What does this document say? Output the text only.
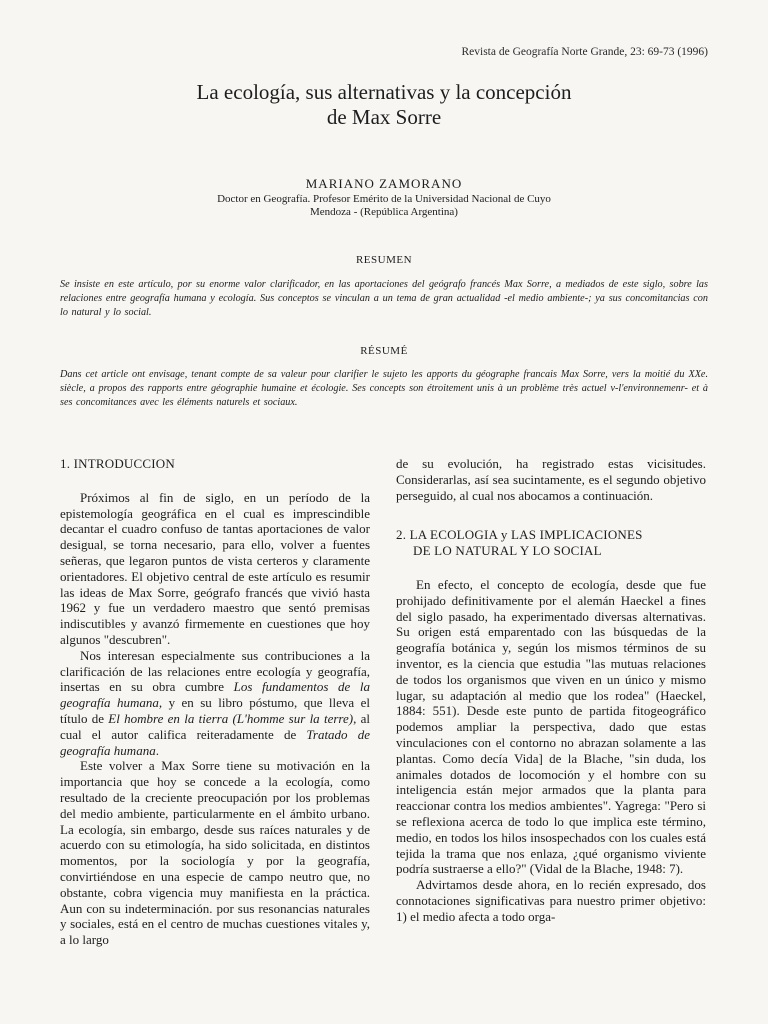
Revista de Geografía Norte Grande, 23: 69-73 (1996)
La ecología, sus alternativas y la concepción
de Max Sorre
MARIANO ZAMORANO
Doctor en Geografía. Profesor Emérito de la Universidad Nacional de Cuyo
Mendoza - (República Argentina)
RESUMEN
Se insiste en este artículo, por su enorme valor clarificador, en las aportaciones del geógrafo francés Max Sorre, a mediados de este siglo, sobre las relaciones entre geografía humana y ecología. Sus conceptos se vinculan a un tema de gran actualidad -el medio ambiente-; ya sus concomitancias con lo natural y lo social.
RÉSUMÉ
Dans cet article ont envisage, tenant compte de sa valeur pour clarifier le sujeto les apports du géographe francais Max Sorre, vers la moitié du XXe. siècle, a propos des rapports entre géographie humaine et écologie. Ses concepts son étroitement unis à un problème très actuel v-l'environnemenr- et à ses concomitances avec les éléments naturels et sociaux.
1. INTRODUCCION

Próximos al fin de siglo, en un período de la epistemología geográfica en el cual es imprescindible decantar el cuadro confuso de tantas aportaciones de valor desigual, se torna necesario, para ello, volver a fuentes señeras, que legaron puntos de vista certeros y claramente orientadores. El objetivo central de este artículo es resumir las ideas de Max Sorre, geógrafo francés que vivió hasta 1962 y fue un verdadero maestro que sentó premisas indiscutibles y avanzó firmemente en cuestiones que hoy algunos "descubren".

Nos interesan especialmente sus contribuciones a la clarificación de las relaciones entre ecología y geografía, insertas en su obra cumbre Los fundamentos de la geografía humana, y en su libro póstumo, que lleva el título de El hombre en la tierra (L'homme sur la terre), al cual el autor califica reiteradamente de Tratado de geografía humana.

Este volver a Max Sorre tiene su motivación en la importancia que hoy se concede a la ecología, como resultado de la creciente preocupación por los problemas del medio ambiente, particularmente en el ámbito urbano. La ecología, sin embargo, desde sus raíces naturales y de acuerdo con su etimología, ha sido solicitada, en distintos momentos, por la sociología y por la geografía, convirtiéndose en una especie de campo neutro que, no obstante, cobra vigencia muy manifiesta en la práctica. Aun con su indeterminación. por sus resonancias naturales y sociales, está en el centro de muchas cuestiones vitales y, a lo largo

de su evolución, ha registrado estas vicisitudes. Considerarlas, así sea sucintamente, es el segundo objetivo perseguido, al cual nos abocamos a continuación.

2. LA ECOLOGIA y LAS IMPLICACIONES
DE LO NATURAL Y LO SOCIAL

En efecto, el concepto de ecología, desde que fue prohijado definitivamente por el alemán Haeckel a fines del siglo pasado, ha experimentado diversas alternativas. Su origen está emparentado con las búsquedas de la geografía botánica y, según los mismos términos de su inventor, es la ciencia que estudia "las mutuas relaciones de todos los organismos que viven en un único y mismo lugar, su adaptación al medio que los rodea" (Haeckel, 1884: 551). Desde este punto de partida fitogeográfico podemos ampliar la perspectiva, dado que estas vinculaciones con el contorno no abrazan solamente a las plantas. Como decía Vida] de la Blache, "sin duda, los animales dotados de locomoción y el hombre con su inteligencia están mejor armados que la planta para reaccionar contra los medios ambientes". Yagrega: "Pero si se reflexiona acerca de todo lo que implica este término, medio, en todos los hilos insospechados con los cuales está tejida la trama que nos enlaza, ¿qué organismo viviente podría sustraerse a ello?" (Vidal de la Blache, 1948: 7).

Advirtamos desde ahora, en lo recién expresado, dos connotaciones significativas para nuestro primer objetivo: 1) el medio afecta a todo orga-
